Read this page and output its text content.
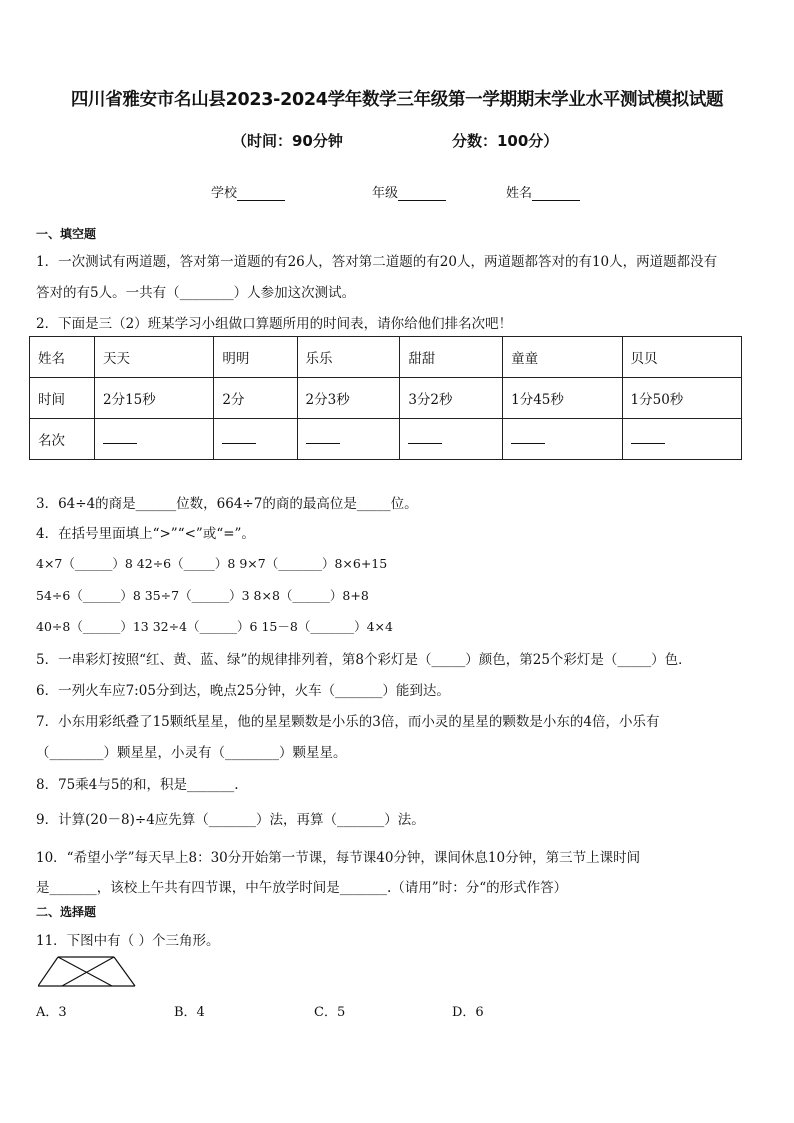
四川省雅安市名山县2023-2024学年数学三年级第一学期期末学业水平测试模拟试题
（时间：90分钟	分数：100分）
学校	年级	姓名
一、填空题
1．一次测试有两道题，答对第一道题的有26人，答对第二道题的有20人，两道题都答对的有10人，两道题都没有
答对的有5人。一共有（________）人参加这次测试。
2．下面是三（2）班某学习小组做口算题所用的时间表，请你给他们排名次吧！
姓名	天天	明明	乐乐	甜甜	童童	贝贝
时间	2分15秒	2分	2分3秒	3分2秒	1分45秒	1分50秒
名次						
3．64÷4的商是______位数，664÷7的商的最高位是_____位。
4．在括号里面填上“>”“<”或“=”。
4×7（______）8 42÷6（_____）8 9×7（_______）8×6+15
54÷6（______）8 35÷7（______）3 8×8（______）8+8
40÷8（______）13 32÷4（______）6 15－8（_______）4×4
5．一串彩灯按照“红、黄、蓝、绿”的规律排列着，第8个彩灯是（_____）颜色，第25个彩灯是（_____）色．
6．一列火车应7:05分到达，晚点25分钟，火车（_______）能到达。
7．小东用彩纸叠了15颗纸星星，他的星星颗数是小乐的3倍，而小灵的星星的颗数是小东的4倍，小乐有
（________）颗星星，小灵有（________）颗星星。
8．75乘4与5的和，积是_______.
9．计算(20－8)÷4应先算（_______）法，再算（_______）法。
10．“希望小学”每天早上8：30分开始第一节课，每节课40分钟，课间休息10分钟，第三节上课时间
是_______，该校上午共有四节课，中午放学时间是_______.（请用”时：分“的形式作答）
二、选择题
11．下图中有（ ）个三角形。
A．3	B．4	C．5	D．6
